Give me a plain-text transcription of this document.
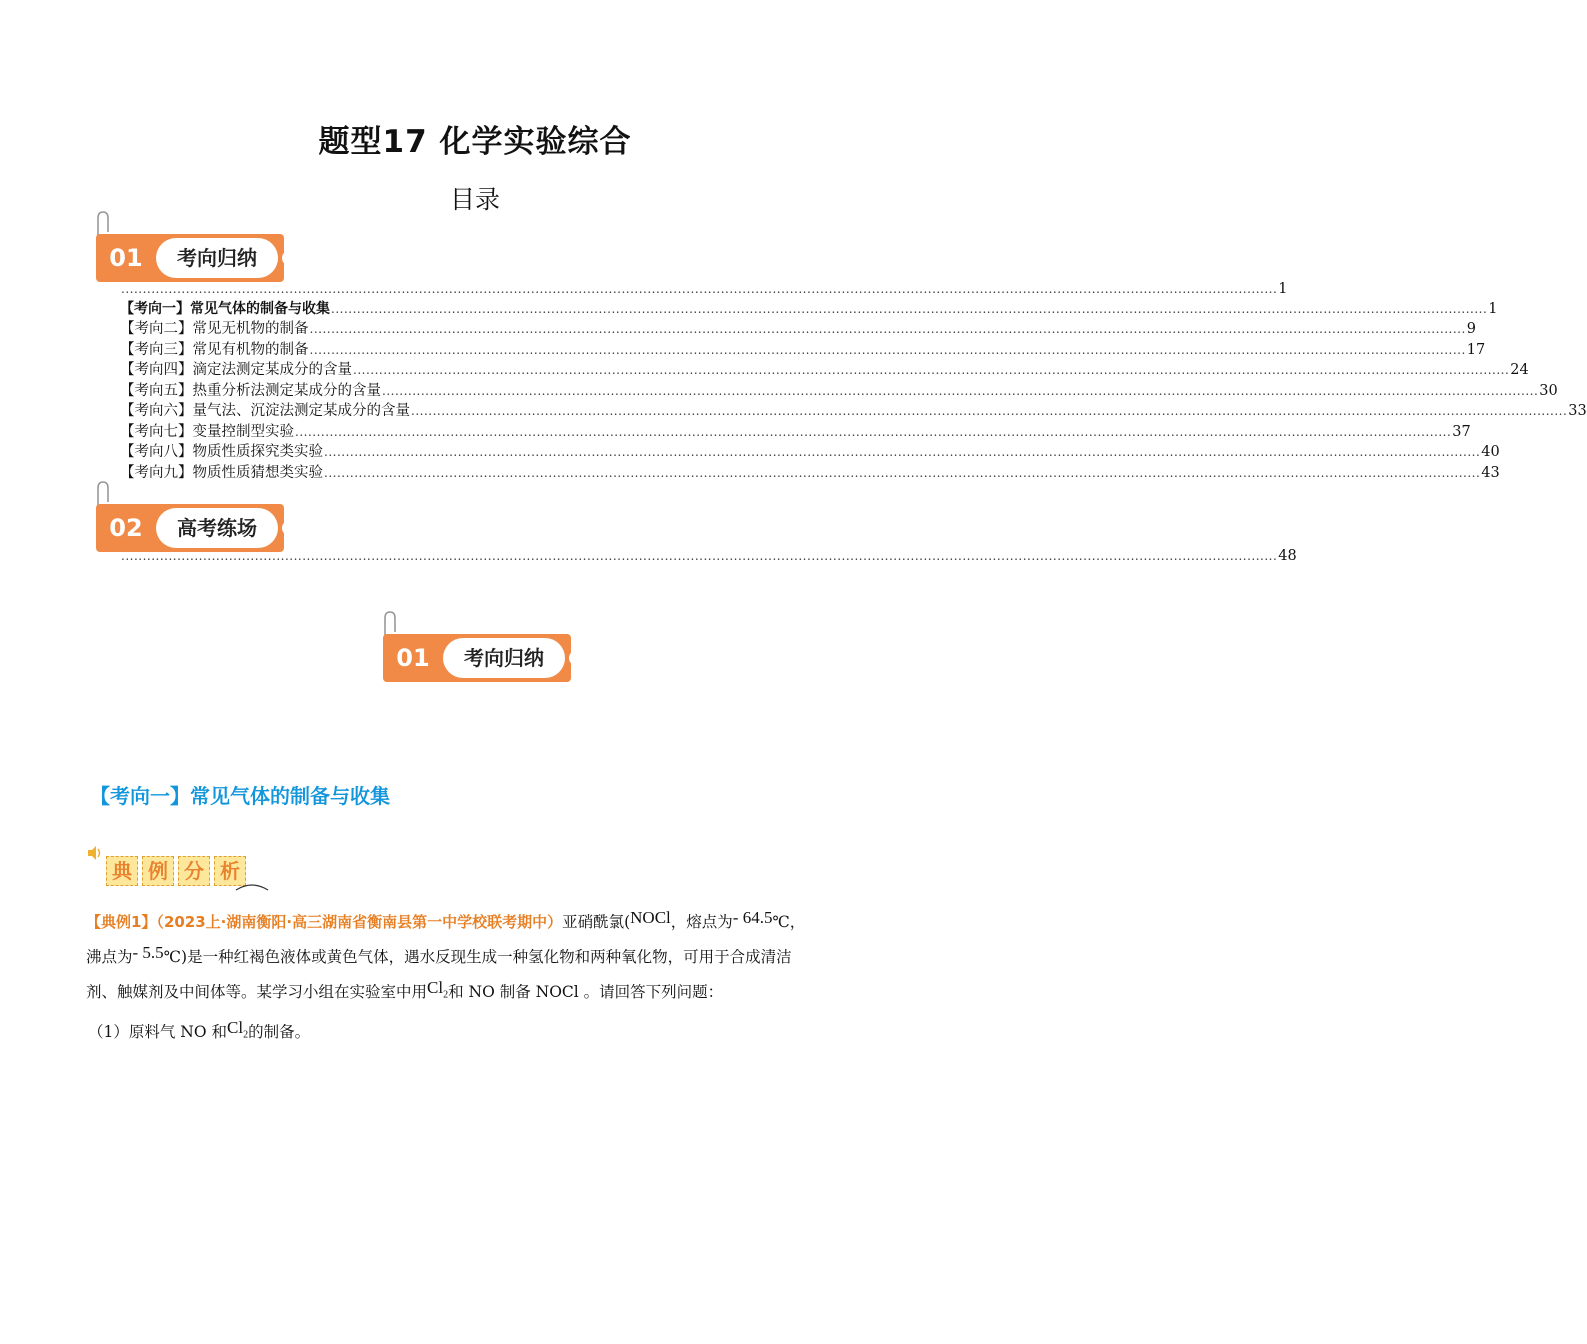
题型17 化学实验综合
目录
01	考向归纳
............................................................................................................................................................................................................................................................................ 1
【考向一】常见气体的制备与收集 ............................................................................................................................................................................................................................................................................ 1
【考向二】常见无机物的制备 ............................................................................................................................................................................................................................................................................ 9
【考向三】常见有机物的制备 ............................................................................................................................................................................................................................................................................ 17
【考向四】滴定法测定某成分的含量 ............................................................................................................................................................................................................................................................................ 24
【考向五】热重分析法测定某成分的含量 ............................................................................................................................................................................................................................................................................ 30
【考向六】量气法、沉淀法测定某成分的含量 ............................................................................................................................................................................................................................................................................ 33
【考向七】变量控制型实验 ............................................................................................................................................................................................................................................................................ 37
【考向八】物质性质探究类实验 ............................................................................................................................................................................................................................................................................ 40
【考向九】物质性质猜想类实验 ............................................................................................................................................................................................................................................................................ 43
02	高考练场
............................................................................................................................................................................................................................................................................ 48
01	考向归纳
【考向一】常见气体的制备与收集
典 例 分 析
【典例1】（2023上·湖南衡阳·高三湖南省衡南县第一中学校联考期中）亚硝酰氯(NOCl，熔点为- 64.5℃，
沸点为- 5.5℃)是一种红褐色液体或黄色气体，遇水反现生成一种氢化物和两种氧化物，可用于合成清洁
剂、触媒剂及中间体等。某学习小组在实验室中用$Cl_2$和 NO 制备 NOCl 。请回答下列问题：
（1）原料气 NO 和$Cl_2$的制备。
